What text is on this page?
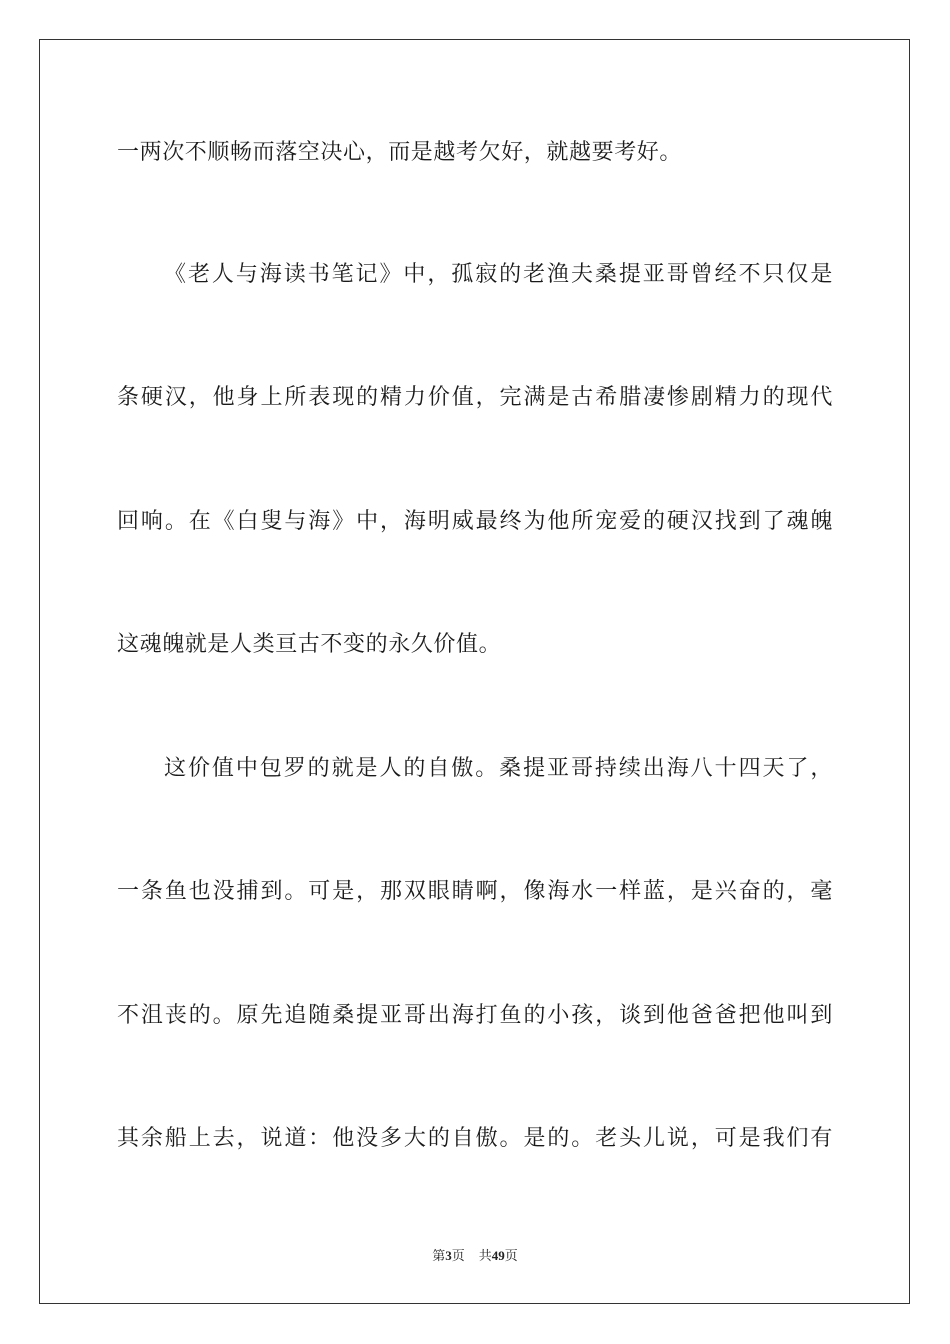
一两次不顺畅而落空决心，而是越考欠好，就越要考好。
《老人与海读书笔记》中，孤寂的老渔夫桑提亚哥曾经不只仅是
条硬汉，他身上所表现的精力价值，完满是古希腊凄惨剧精力的现代
回响。在《白叟与海》中，海明威最终为他所宠爱的硬汉找到了魂魄
这魂魄就是人类亘古不变的永久价值。
这价值中包罗的就是人的自傲。桑提亚哥持续出海八十四天了，
一条鱼也没捕到。可是，那双眼睛啊，像海水一样蓝，是兴奋的，毫
不沮丧的。原先追随桑提亚哥出海打鱼的小孩，谈到他爸爸把他叫到
其余船上去，说道：他没多大的自傲。是的。老头儿说，可是我们有
第3页 共49页
